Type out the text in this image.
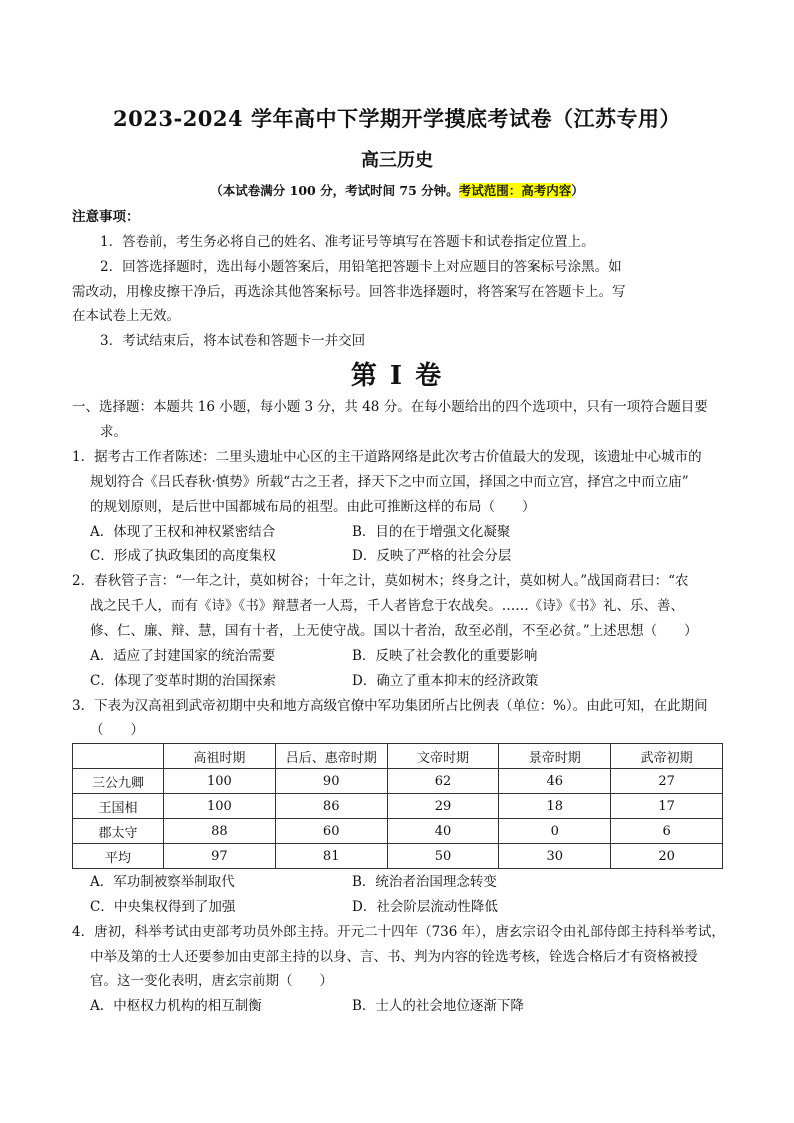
2023-2024 学年高中下学期开学摸底考试卷（江苏专用）
高三历史
（本试卷满分 100 分，考试时间 75 分钟。考试范围：高考内容）
注意事项：
1．答卷前，考生务必将自己的姓名、准考证号等填写在答题卡和试卷指定位置上。
2．回答选择题时，选出每小题答案后，用铅笔把答题卡上对应题目的答案标号涂黑。如
需改动，用橡皮擦干净后，再选涂其他答案标号。回答非选择题时，将答案写在答题卡上。写
在本试卷上无效。
3．考试结束后，将本试卷和答题卡一并交回
第 I 卷
一、选择题：本题共 16 小题，每小题 3 分，共 48 分。在每小题给出的四个选项中，只有一项符合题目要
求。
1．据考古工作者陈述：二里头遗址中心区的主干道路网络是此次考古价值最大的发现，该遗址中心城市的
规划符合《吕氏春秋·慎势》所载“古之王者，择天下之中而立国，择国之中而立宫，择宫之中而立庙”
的规划原则，是后世中国都城布局的祖型。由此可推断这样的布局（　　）
A．体现了王权和神权紧密结合	B．目的在于增强文化凝聚
C．形成了执政集团的高度集权	D．反映了严格的社会分层
2．春秋管子言：“一年之计，莫如树谷；十年之计，莫如树木；终身之计，莫如树人。”战国商君曰：“农
战之民千人，而有《诗》《书》辩慧者一人焉，千人者皆怠于农战矣。……《诗》《书》礼、乐、善、
修、仁、廉、辩、慧，国有十者，上无使守战。国以十者治，敌至必削，不至必贫。”上述思想（　　）
A．适应了封建国家的统治需要	B．反映了社会教化的重要影响
C．体现了变革时期的治国探索	D．确立了重本抑末的经济政策
3．下表为汉高祖到武帝初期中央和地方高级官僚中军功集团所占比例表（单位：%）。由此可知，在此期间
（　　）
	高祖时期	吕后、惠帝时期	文帝时期	景帝时期	武帝初期
三公九卿	100	90	62	46	27
王国相	100	86	29	18	17
郡太守	88	60	40	0	6
平均	97	81	50	30	20
A．军功制被察举制取代	B．统治者治国理念转变
C．中央集权得到了加强	D．社会阶层流动性降低
4．唐初，科举考试由吏部考功员外郎主持。开元二十四年（736 年），唐玄宗诏令由礼部侍郎主持科举考试，
中举及第的士人还要参加由吏部主持的以身、言、书、判为内容的铨选考核，铨选合格后才有资格被授
官。这一变化表明，唐玄宗前期（　　）
A．中枢权力机构的相互制衡	B．士人的社会地位逐渐下降
